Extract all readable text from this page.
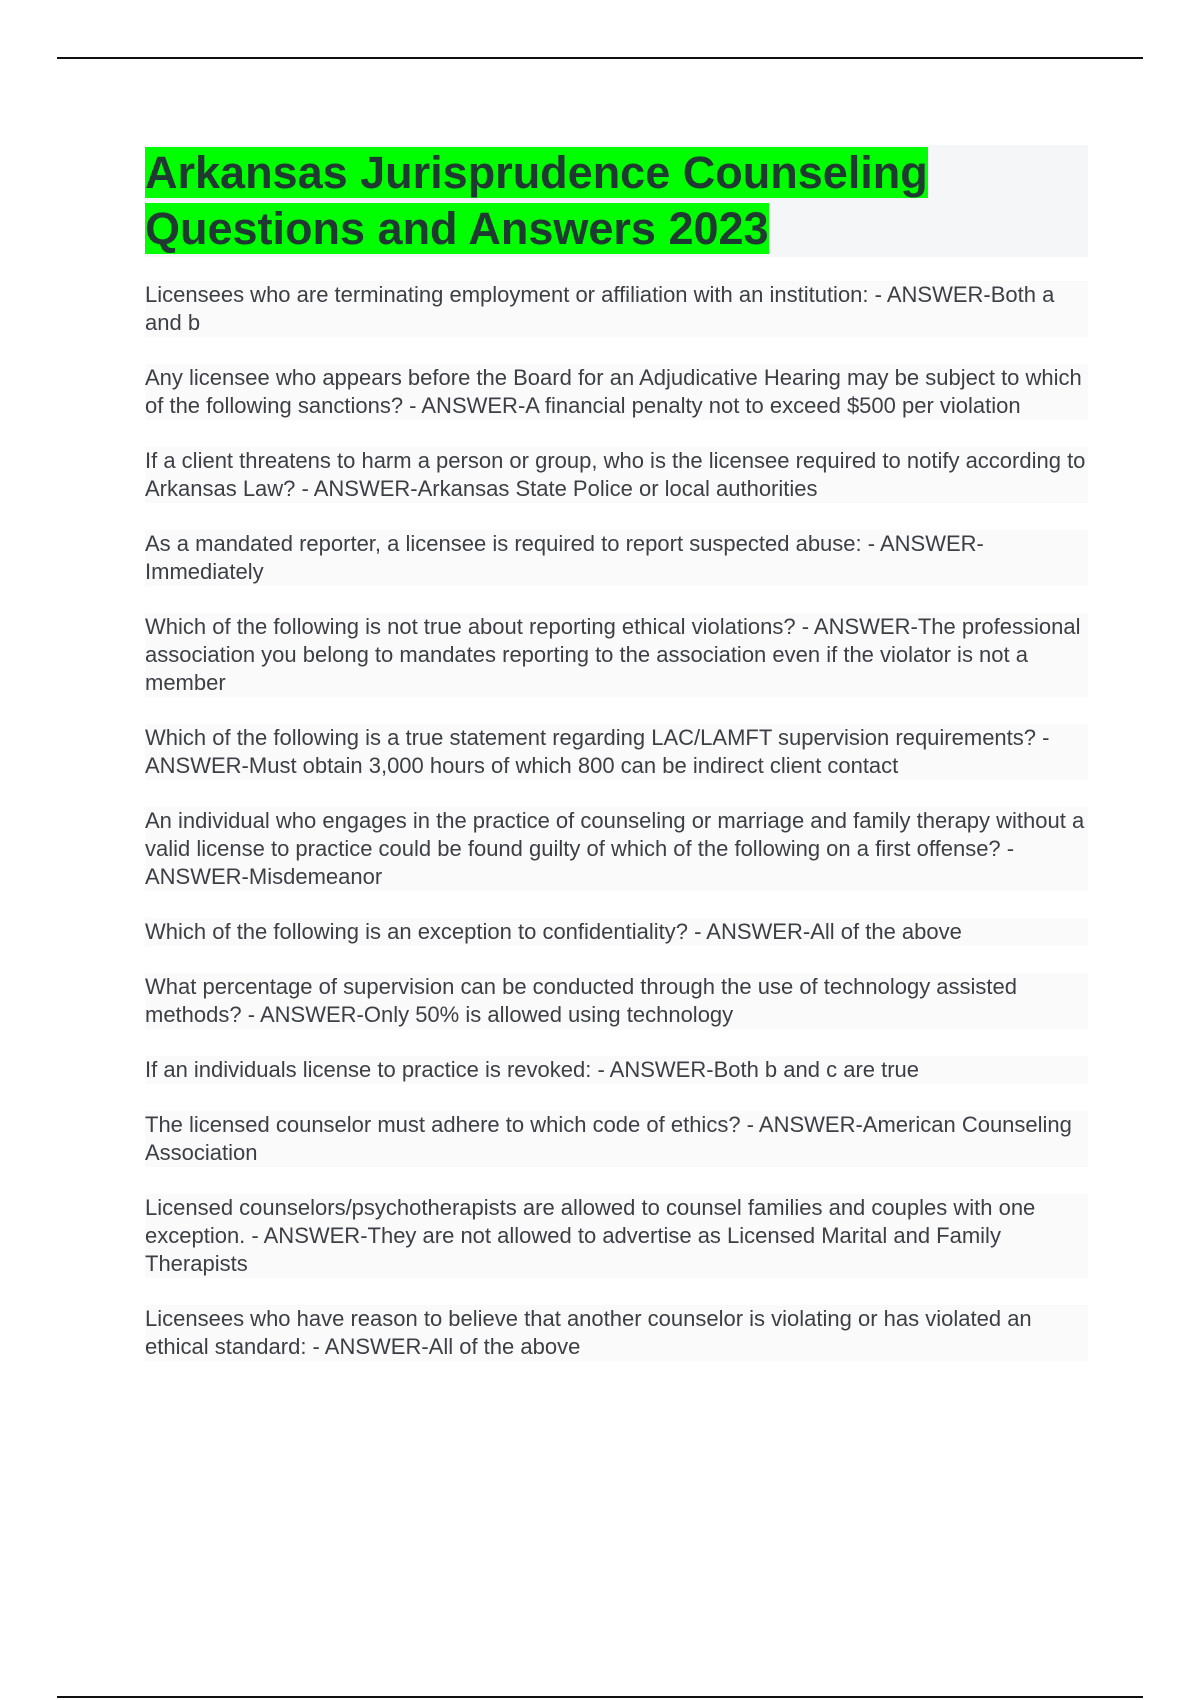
Arkansas Jurisprudence Counseling Questions and Answers 2023

Licensees who are terminating employment or affiliation with an institution: - ANSWER-Both a and b

Any licensee who appears before the Board for an Adjudicative Hearing may be subject to which of the following sanctions? - ANSWER-A financial penalty not to exceed $500 per violation

If a client threatens to harm a person or group, who is the licensee required to notify according to Arkansas Law? - ANSWER-Arkansas State Police or local authorities

As a mandated reporter, a licensee is required to report suspected abuse: - ANSWER-Immediately

Which of the following is not true about reporting ethical violations? - ANSWER-The professional association you belong to mandates reporting to the association even if the violator is not a member

Which of the following is a true statement regarding LAC/LAMFT supervision requirements? - ANSWER-Must obtain 3,000 hours of which 800 can be indirect client contact

An individual who engages in the practice of counseling or marriage and family therapy without a valid license to practice could be found guilty of which of the following on a first offense? - ANSWER-Misdemeanor

Which of the following is an exception to confidentiality? - ANSWER-All of the above

What percentage of supervision can be conducted through the use of technology assisted methods? - ANSWER-Only 50% is allowed using technology

If an individuals license to practice is revoked: - ANSWER-Both b and c are true

The licensed counselor must adhere to which code of ethics? - ANSWER-American Counseling Association

Licensed counselors/psychotherapists are allowed to counsel families and couples with one exception. - ANSWER-They are not allowed to advertise as Licensed Marital and Family Therapists

Licensees who have reason to believe that another counselor is violating or has violated an ethical standard: - ANSWER-All of the above
